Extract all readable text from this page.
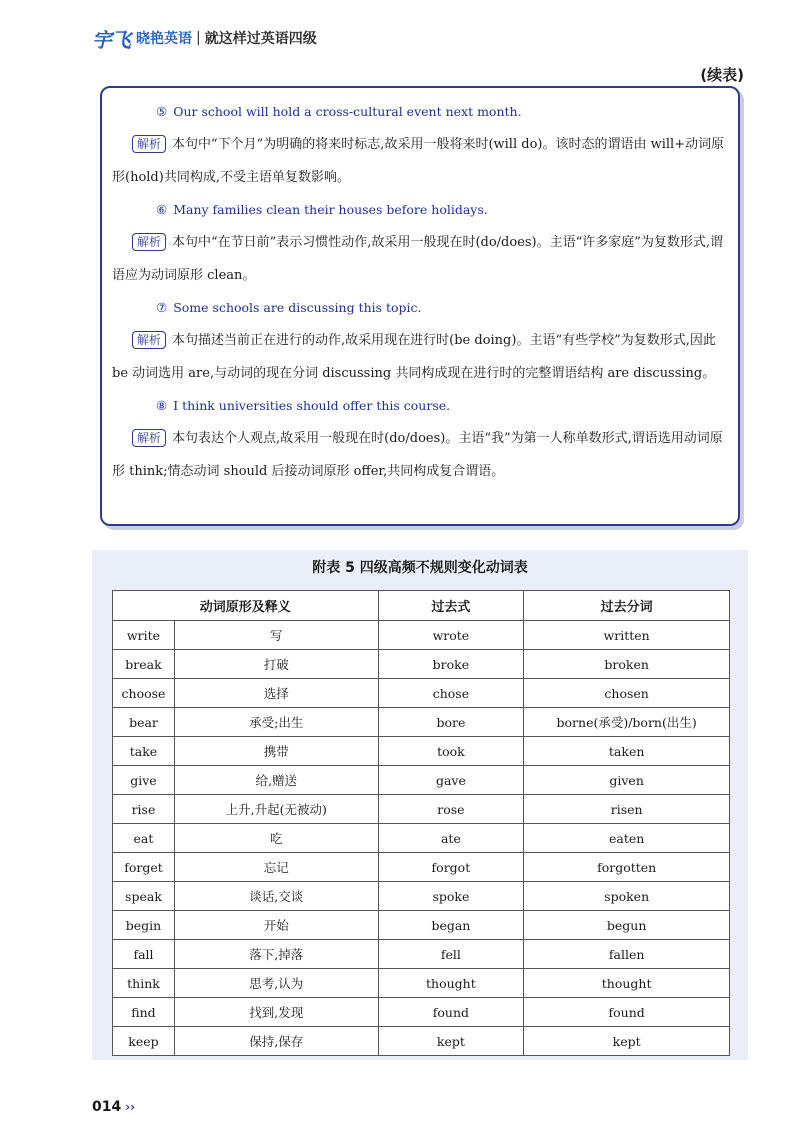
宇飞 晓艳英语 | 就这样过英语四级
(续表)
⑤ Our school will hold a cross-cultural event next month.

解析 本句中“下个月”为明确的将来时标志,故采用一般将来时(will do)。该时态的谓语由 will+动词原形(hold)共同构成,不受主语单复数影响。

⑥ Many families clean their houses before holidays.

解析 本句中“在节日前”表示习惯性动作,故采用一般现在时(do/does)。主语“许多家庭”为复数形式,谓语应为动词原形 clean。

⑦ Some schools are discussing this topic.

解析 本句描述当前正在进行的动作,故采用现在进行时(be doing)。主语“有些学校”为复数形式,因此 be 动词选用 are,与动词的现在分词 discussing 共同构成现在进行时的完整谓语结构 are discussing。

⑧ I think universities should offer this course.

解析 本句表达个人观点,故采用一般现在时(do/does)。主语“我”为第一人称单数形式,谓语选用动词原形 think;情态动词 should 后接动词原形 offer,共同构成复合谓语。

附表 5 四级高频不规则变化动词表
动词原形及释义		过去式	过去分词
write	写	wrote	written
break	打破	broke	broken
choose	选择	chose	chosen
bear	承受;出生	bore	borne(承受)/born(出生)
take	携带	took	taken
give	给,赠送	gave	given
rise	上升,升起(无被动)	rose	risen
eat	吃	ate	eaten
forget	忘记	forgot	forgotten
speak	谈话,交谈	spoke	spoken
begin	开始	began	begun
fall	落下,掉落	fell	fallen
think	思考,认为	thought	thought
find	找到,发现	found	found
keep	保持,保存	kept	kept
014 ››
